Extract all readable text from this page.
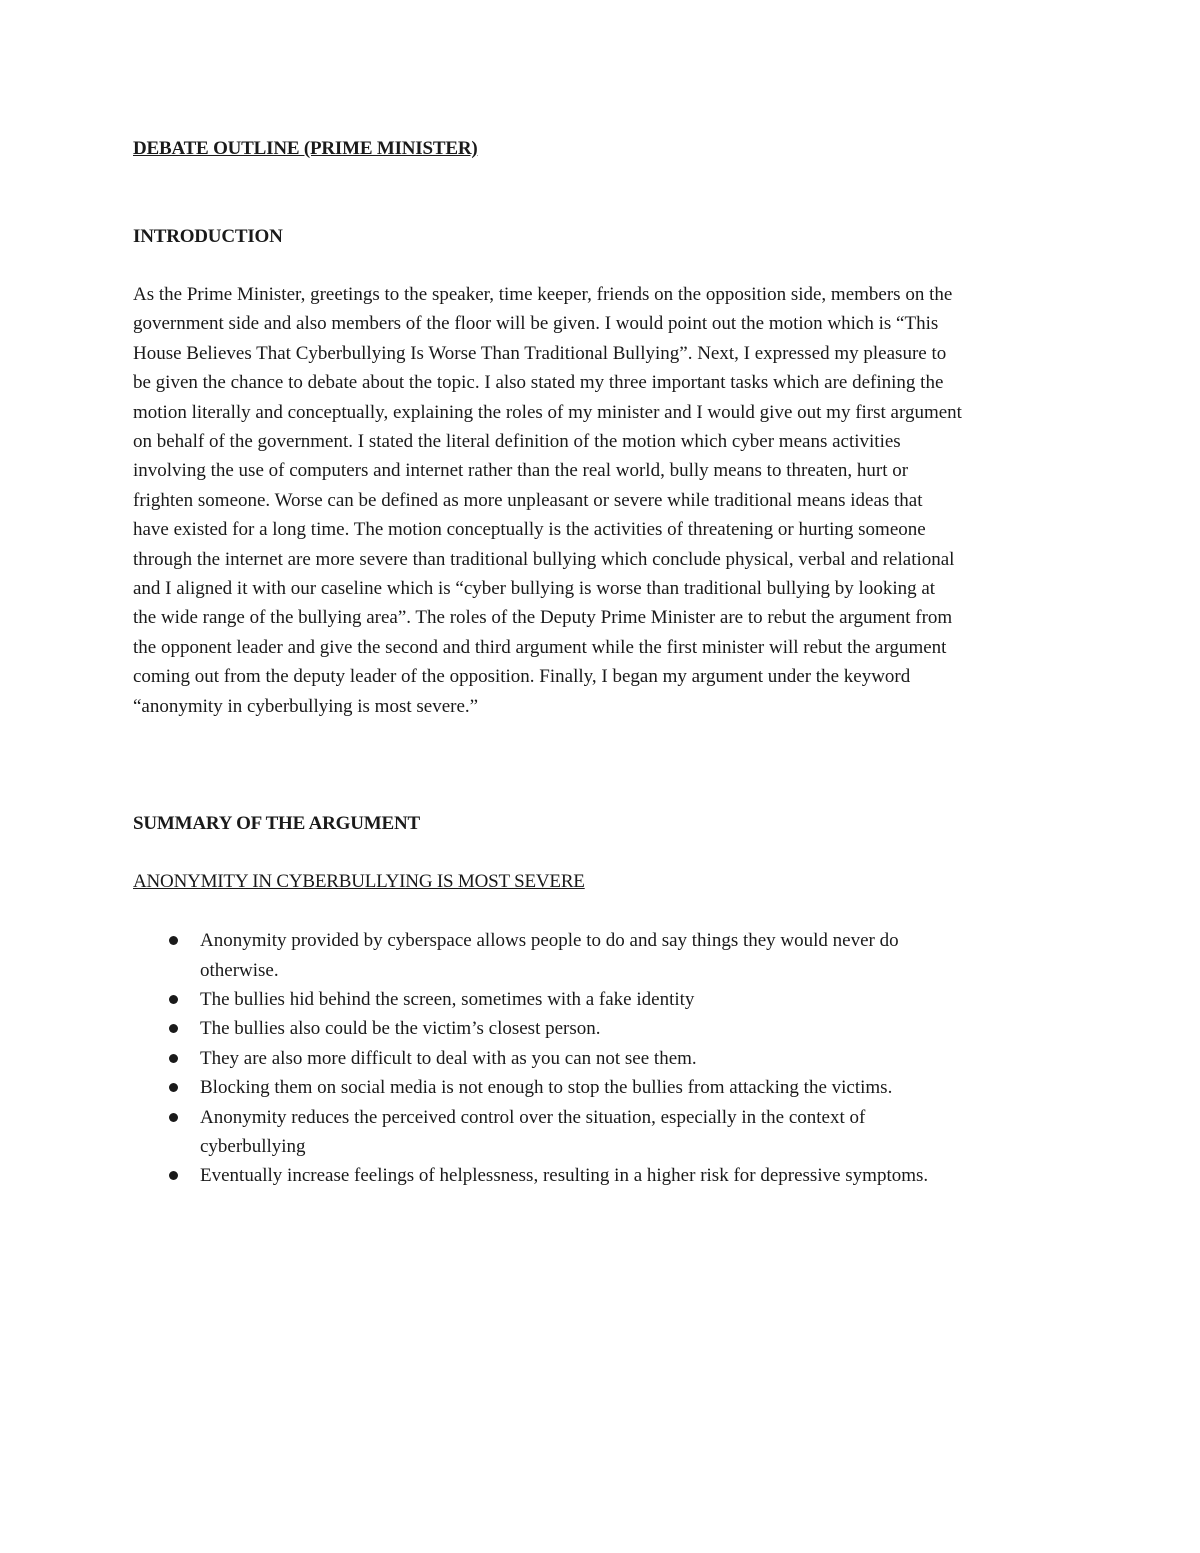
DEBATE OUTLINE (PRIME MINISTER)
INTRODUCTION

As the Prime Minister, greetings to the speaker, time keeper, friends on the opposition side, members on the government side and also members of the floor will be given. I would point out the motion which is “This House Believes That Cyberbullying Is Worse Than Traditional Bullying”. Next, I expressed my pleasure to be given the chance to debate about the topic. I also stated my three important tasks which are defining the motion literally and conceptually, explaining the roles of my minister and I would give out my first argument on behalf of the government. I stated the literal definition of the motion which cyber means activities involving the use of computers and internet rather than the real world, bully means to threaten, hurt or frighten someone. Worse can be defined as more unpleasant or severe while traditional means ideas that have existed for a long time. The motion conceptually is the activities of threatening or hurting someone through the internet are more severe than traditional bullying which conclude physical, verbal and relational and I aligned it with our caseline which is “cyber bullying is worse than traditional bullying by looking at the wide range of the bullying area”. The roles of the Deputy Prime Minister are to rebut the argument from the opponent leader and give the second and third argument while the first minister will rebut the argument coming out from the deputy leader of the opposition. Finally, I began my argument under the keyword “anonymity in cyberbullying is most severe.”

SUMMARY OF THE ARGUMENT

ANONYMITY IN CYBERBULLYING IS MOST SEVERE

Anonymity provided by cyberspace allows people to do and say things they would never do otherwise.
The bullies hid behind the screen, sometimes with a fake identity
The bullies also could be the victim’s closest person.
They are also more difficult to deal with as you can not see them.
Blocking them on social media is not enough to stop the bullies from attacking the victims.
Anonymity reduces the perceived control over the situation, especially in the context of cyberbullying
Eventually increase feelings of helplessness, resulting in a higher risk for depressive symptoms.
